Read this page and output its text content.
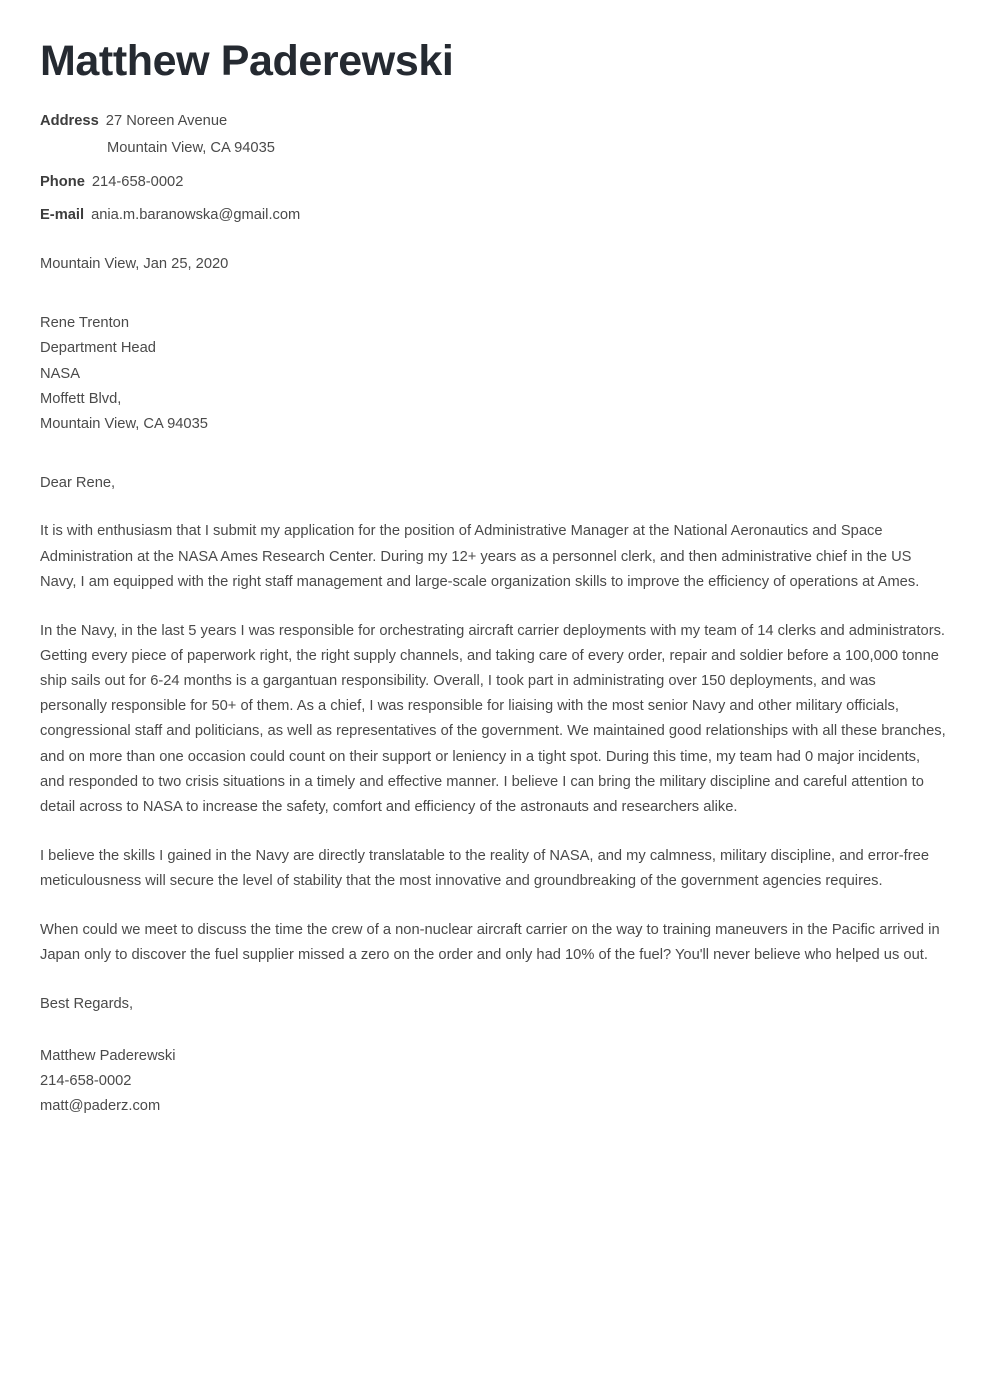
Matthew Paderewski
Address 27 Noreen Avenue
Mountain View, CA 94035
Phone 214-658-0002
E-mail ania.m.baranowska@gmail.com
Mountain View, Jan 25, 2020
Rene Trenton
Department Head
NASA
Moffett Blvd,
Mountain View, CA 94035
Dear Rene,

It is with enthusiasm that I submit my application for the position of Administrative Manager at the National Aeronautics and Space Administration at the NASA Ames Research Center. During my 12+ years as a personnel clerk, and then administrative chief in the US Navy, I am equipped with the right staff management and large-scale organization skills to improve the efficiency of operations at Ames.

In the Navy, in the last 5 years I was responsible for orchestrating aircraft carrier deployments with my team of 14 clerks and administrators. Getting every piece of paperwork right, the right supply channels, and taking care of every order, repair and soldier before a 100,000 tonne ship sails out for 6-24 months is a gargantuan responsibility. Overall, I took part in administrating over 150 deployments, and was personally responsible for 50+ of them. As a chief, I was responsible for liaising with the most senior Navy and other military officials, congressional staff and politicians, as well as representatives of the government. We maintained good relationships with all these branches, and on more than one occasion could count on their support or leniency in a tight spot. During this time, my team had 0 major incidents, and responded to two crisis situations in a timely and effective manner. I believe I can bring the military discipline and careful attention to detail across to NASA to increase the safety, comfort and efficiency of the astronauts and researchers alike.

I believe the skills I gained in the Navy are directly translatable to the reality of NASA, and my calmness, military discipline, and error-free meticulousness will secure the level of stability that the most innovative and groundbreaking of the government agencies requires.

When could we meet to discuss the time the crew of a non-nuclear aircraft carrier on the way to training maneuvers in the Pacific arrived in Japan only to discover the fuel supplier missed a zero on the order and only had 10% of the fuel? You'll never believe who helped us out.

Best Regards,
Matthew Paderewski
214-658-0002
matt@paderz.com
